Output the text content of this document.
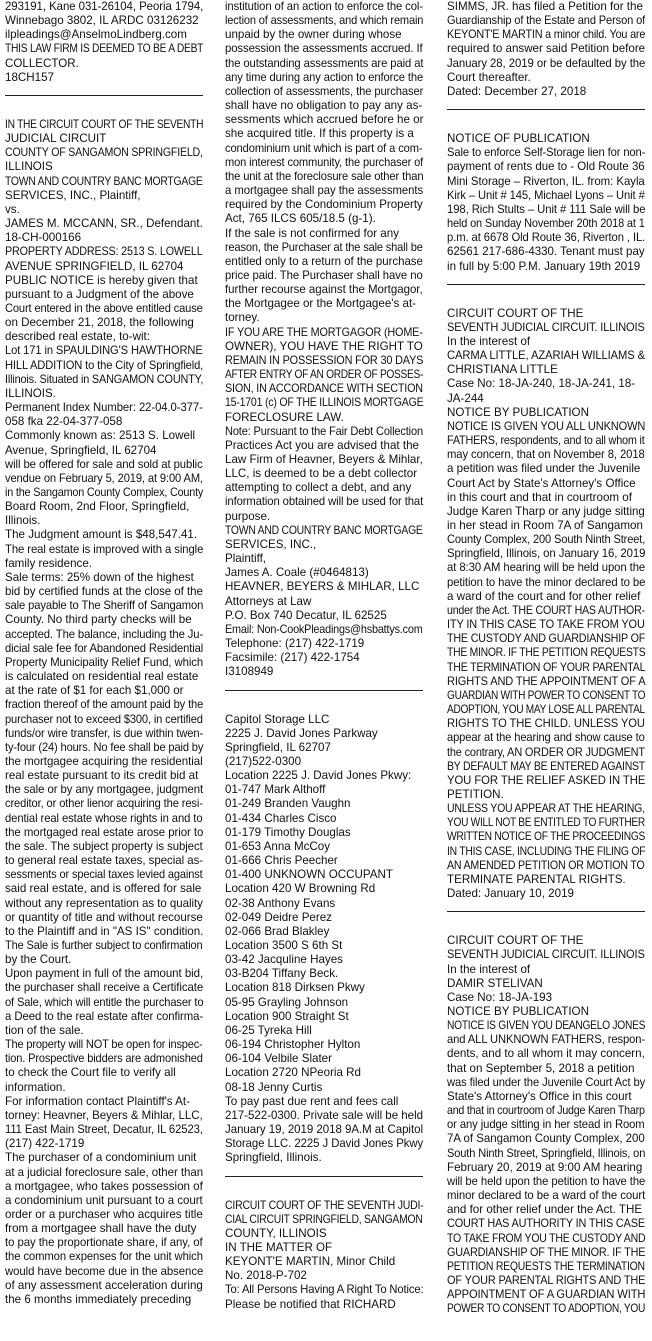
293191, Kane 031-26104, Peoria 1794,

Winnebago 3802, IL ARDC 03126232

ilpleadings@AnselmoLindberg.com

THIS LAW FIRM IS DEEMED TO BE A DEBT

COLLECTOR.

18CH157

IN THE CIRCUIT COURT OF THE SEVENTH

JUDICIAL CIRCUIT

COUNTY OF SANGAMON SPRINGFIELD,

ILLINOIS

TOWN AND COUNTRY BANC MORTGAGE

SERVICES, INC., Plaintiff,

vs.

JAMES M. MCCANN, SR., Defendant.

18-CH-000166

PROPERTY ADDRESS: 2513 S. LOWELL

AVENUE SPRINGFIELD, IL 62704

PUBLIC NOTICE is hereby given that

pursuant to a Judgment of the above

Court entered in the above entitled cause

on December 21, 2018, the following

described real estate, to-wit:

Lot 171 in SPAULDING'S HAWTHORNE

HILL ADDITION to the City of Springfield,

Illinois. Situated in SANGAMON COUNTY,

ILLINOIS.

Permanent Index Number: 22-04.0-377-

058 fka 22-04-377-058

Commonly known as: 2513 S. Lowell

Avenue, Springfield, IL 62704

will be offered for sale and sold at public

vendue on February 5, 2019, at 9:00 AM,

in the Sangamon County Complex, County

Board Room, 2nd Floor, Springfield,

Illinois.

The Judgment amount is $48,547.41.

The real estate is improved with a single

family residence.

Sale terms: 25% down of the highest

bid by certified funds at the close of the

sale payable to The Sheriff of Sangamon

County. No third party checks will be

accepted. The balance, including the Ju-

dicial sale fee for Abandoned Residential

Property Municipality Relief Fund, which

is calculated on residential real estate

at the rate of $1 for each $1,000 or

fraction thereof of the amount paid by the

purchaser not to exceed $300, in certified

funds/or wire transfer, is due within twen-

ty-four (24) hours. No fee shall be paid by

the mortgagee acquiring the residential

real estate pursuant to its credit bid at

the sale or by any mortgagee, judgment

creditor, or other lienor acquiring the resi-

dential real estate whose rights in and to

the mortgaged real estate arose prior to

the sale. The subject property is subject

to general real estate taxes, special as-

sessments or special taxes levied against

said real estate, and is offered for sale

without any representation as to quality

or quantity of title and without recourse

to the Plaintiff and in "AS IS" condition.

The Sale is further subject to confirmation

by the Court.

Upon payment in full of the amount bid,

the purchaser shall receive a Certificate

of Sale, which will entitle the purchaser to

a Deed to the real estate after confirma-

tion of the sale.

The property will NOT be open for inspec-

tion. Prospective bidders are admonished

to check the Court file to verify all

information.

For information contact Plaintiff's At-

torney: Heavner, Beyers & Mihlar, LLC,

111 East Main Street, Decatur, IL 62523,

(217) 422-1719

The purchaser of a condominium unit

at a judicial foreclosure sale, other than

a mortgagee, who takes possession of

a condominium unit pursuant to a court

order or a purchaser who acquires title

from a mortgagee shall have the duty

to pay the proportionate share, if any, of

the common expenses for the unit which

would have become due in the absence

of any assessment acceleration during

the 6 months immediately preceding

institution of an action to enforce the col-

lection of assessments, and which remain

unpaid by the owner during whose

possession the assessments accrued. If

the outstanding assessments are paid at

any time during any action to enforce the

collection of assessments, the purchaser

shall have no obligation to pay any as-

sessments which accrued before he or

she acquired title. If this property is a

condominium unit which is part of a com-

mon interest community, the purchaser of

the unit at the foreclosure sale other than

a mortgagee shall pay the assessments

required by the Condominium Property

Act, 765 ILCS 605/18.5 (g-1).

If the sale is not confirmed for any

reason, the Purchaser at the sale shall be

entitled only to a return of the purchase

price paid. The Purchaser shall have no

further recourse against the Mortgagor,

the Mortgagee or the Mortgagee's at-

torney.

IF YOU ARE THE MORTGAGOR (HOME-

OWNER), YOU HAVE THE RIGHT TO

REMAIN IN POSSESSION FOR 30 DAYS

AFTER ENTRY OF AN ORDER OF POSSES-

SION, IN ACCORDANCE WITH SECTION

15-1701 (c) OF THE ILLINOIS MORTGAGE

FORECLOSURE LAW.

Note: Pursuant to the Fair Debt Collection

Practices Act you are advised that the

Law Firm of Heavner, Beyers & Mihlar,

LLC, is deemed to be a debt collector

attempting to collect a debt, and any

information obtained will be used for that

purpose.

TOWN AND COUNTRY BANC MORTGAGE

SERVICES, INC.,

Plaintiff,

James A. Coale (#0464813)

HEAVNER, BEYERS & MIHLAR, LLC

Attorneys at Law

P.O. Box 740 Decatur, IL 62525

Email: Non-CookPleadings@hsbattys.com

Telephone: (217) 422-1719

Facsimile: (217) 422-1754

I3108949

Capitol Storage LLC

2225 J. David Jones Parkway

Springfield, IL 62707

(217)522-0300

Location 2225 J. David Jones Pkwy:

01-747 Mark Althoff

01-249 Branden Vaughn

01-434 Charles Cisco

01-179 Timothy Douglas

01-653 Anna McCoy

01-666 Chris Peecher

01-400 UNKNOWN OCCUPANT

Location 420 W Browning Rd

02-38 Anthony Evans

02-049 Deidre Perez

02-066 Brad Blakley

Location 3500 S 6th St

03-42 Jacquline Hayes

03-B204 Tiffany Beck.

Location 818 Dirksen Pkwy

05-95 Grayling Johnson

Location 900 Straight St

06-25 Tyreka Hill

06-194 Christopher Hylton

06-104 Velbile Slater

Location 2720 NPeoria Rd

08-18 Jenny Curtis

To pay past due rent and fees call

217-522-0300. Private sale will be held

January 19, 2019 2018 9A.M at Capitol

Storage LLC. 2225 J David Jones Pkwy

Springfield, Illinois.

CIRCUIT COURT OF THE SEVENTH JUDI-

CIAL CIRCUIT SPRINGFIELD, SANGAMON

COUNTY, ILLINOIS

IN THE MATTER OF

KEYONT'E MARTIN, Minor Child

No. 2018-P-702

To: All Persons Having A Right To Notice:

Please be notified that RICHARD

SIMMS, JR. has filed a Petition for the

Guardianship of the Estate and Person of

KEYONT'E MARTIN a minor child. You are

required to answer said Petition before

January 28, 2019 or be defaulted by the

Court thereafter.

Dated: December 27, 2018

NOTICE OF PUBLICATION

Sale to enforce Self-Storage lien for non-

payment of rents due to - Old Route 36

Mini Storage – Riverton, IL. from: Kayla

Kirk – Unit # 145, Michael Lyons – Unit #

198, Rich Stults – Unit # 111 Sale will be

held on Sunday November 20th 2018 at 1

p.m. at 6678 Old Route 36, Riverton , IL.

62561 217-686-4330. Tenant must pay

in full by 5:00 P.M. January 19th 2019

CIRCUIT COURT OF THE

SEVENTH JUDICIAL CIRCUIT. ILLINOIS

In the interest of

CARMA LITTLE, AZARIAH WILLIAMS &

CHRISTIANA LITTLE

Case No: 18-JA-240, 18-JA-241, 18-

JA-244

NOTICE BY PUBLICATION

NOTICE IS GIVEN YOU ALL UNKNOWN

FATHERS, respondents, and to all whom it

may concern, that on November 8, 2018

a petition was filed under the Juvenile

Court Act by State's Attorney's Office

in this court and that in courtroom of

Judge Karen Tharp or any judge sitting

in her stead in Room 7A of Sangamon

County Complex, 200 South Ninth Street,

Springfield, Illinois, on January 16, 2019

at 8:30 AM hearing will be held upon the

petition to have the minor declared to be

a ward of the court and for other relief

under the Act. THE COURT HAS AUTHOR-

ITY IN THIS CASE TO TAKE FROM YOU

THE CUSTODY AND GUARDIANSHIP OF

THE MINOR. IF THE PETITION REQUESTS

THE TERMINATION OF YOUR PARENTAL

RIGHTS AND THE APPOINTMENT OF A

GUARDIAN WITH POWER TO CONSENT TO

ADOPTION, YOU MAY LOSE ALL PARENTAL

RIGHTS TO THE CHILD. UNLESS YOU

appear at the hearing and show cause to

the contrary, AN ORDER OR JUDGMENT

BY DEFAULT MAY BE ENTERED AGAINST

YOU FOR THE RELIEF ASKED IN THE

PETITION.

UNLESS YOU APPEAR AT THE HEARING,

YOU WILL NOT BE ENTITLED TO FURTHER

WRITTEN NOTICE OF THE PROCEEDINGS

IN THIS CASE, INCLUDING THE FILING OF

AN AMENDED PETITION OR MOTION TO

TERMINATE PARENTAL RIGHTS.

Dated: January 10, 2019

CIRCUIT COURT OF THE

SEVENTH JUDICIAL CIRCUIT. ILLINOIS

In the interest of

DAMIR STELIVAN

Case No: 18-JA-193

NOTICE BY PUBLICATION

NOTICE IS GIVEN YOU DEANGELO JONES

and ALL UNKNOWN FATHERS, respon-

dents, and to all whom it may concern,

that on September 5, 2018 a petition

was filed under the Juvenile Court Act by

State's Attorney's Office in this court

and that in courtroom of Judge Karen Tharp

or any judge sitting in her stead in Room

7A of Sangamon County Complex, 200

South Ninth Street, Springfield, Illinois, on

February 20, 2019 at 9:00 AM hearing

will be held upon the petition to have the

minor declared to be a ward of the court

and for other relief under the Act. THE

COURT HAS AUTHORITY IN THIS CASE

TO TAKE FROM YOU THE CUSTODY AND

GUARDIANSHIP OF THE MINOR. IF THE

PETITION REQUESTS THE TERMINATION

OF YOUR PARENTAL RIGHTS AND THE

APPOINTMENT OF A GUARDIAN WITH

POWER TO CONSENT TO ADOPTION, YOU
